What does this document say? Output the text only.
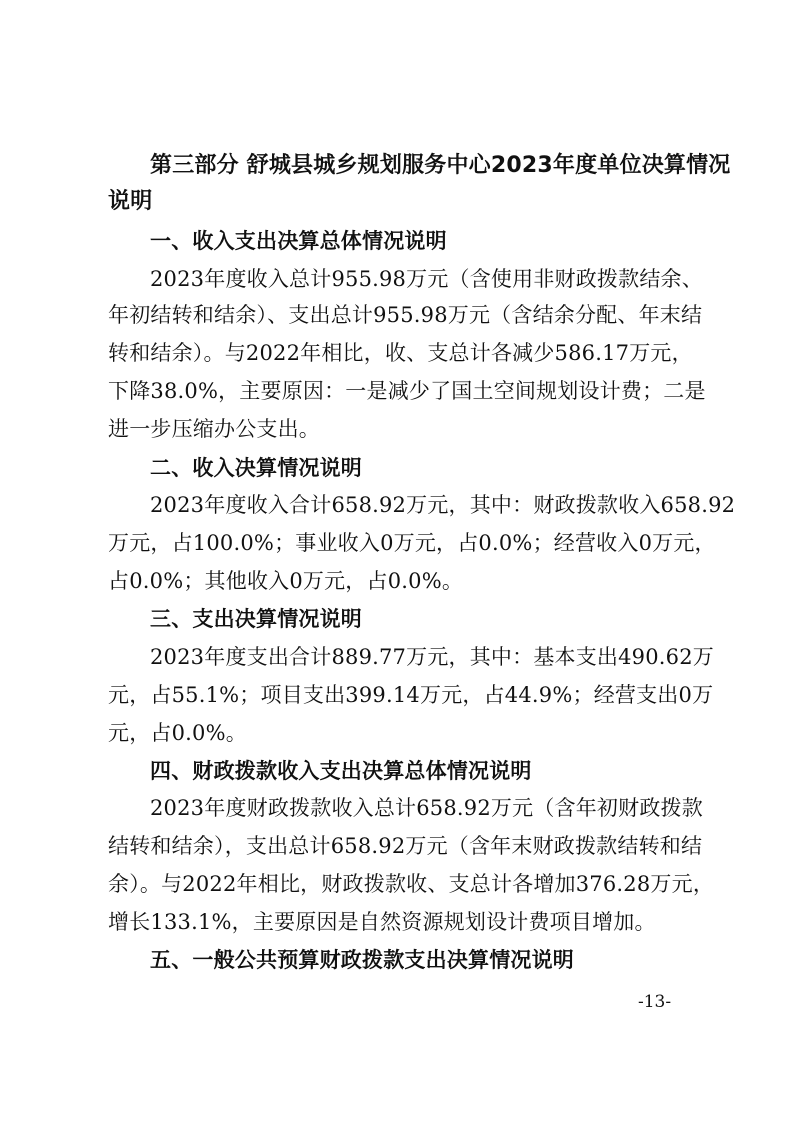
第三部分 舒城县城乡规划服务中心2023年度单位决算情况
说明
一、收入支出决算总体情况说明
2023年度收入总计955.98万元（含使用非财政拨款结余、
年初结转和结余）、支出总计955.98万元（含结余分配、年末结
转和结余）。与2022年相比，收、支总计各减少586.17万元，
下降38.0%，主要原因：一是减少了国土空间规划设计费；二是
进一步压缩办公支出。
二、收入决算情况说明
2023年度收入合计658.92万元，其中：财政拨款收入658.92
万元，占100.0%；事业收入0万元，占0.0%；经营收入0万元，
占0.0%；其他收入0万元，占0.0%。
三、支出决算情况说明
2023年度支出合计889.77万元，其中：基本支出490.62万
元，占55.1%；项目支出399.14万元，占44.9%；经营支出0万
元，占0.0%。
四、财政拨款收入支出决算总体情况说明
2023年度财政拨款收入总计658.92万元（含年初财政拨款
结转和结余），支出总计658.92万元（含年末财政拨款结转和结
余）。与2022年相比，财政拨款收、支总计各增加376.28万元，
增长133.1%，主要原因是自然资源规划设计费项目增加。
五、一般公共预算财政拨款支出决算情况说明
-13-
